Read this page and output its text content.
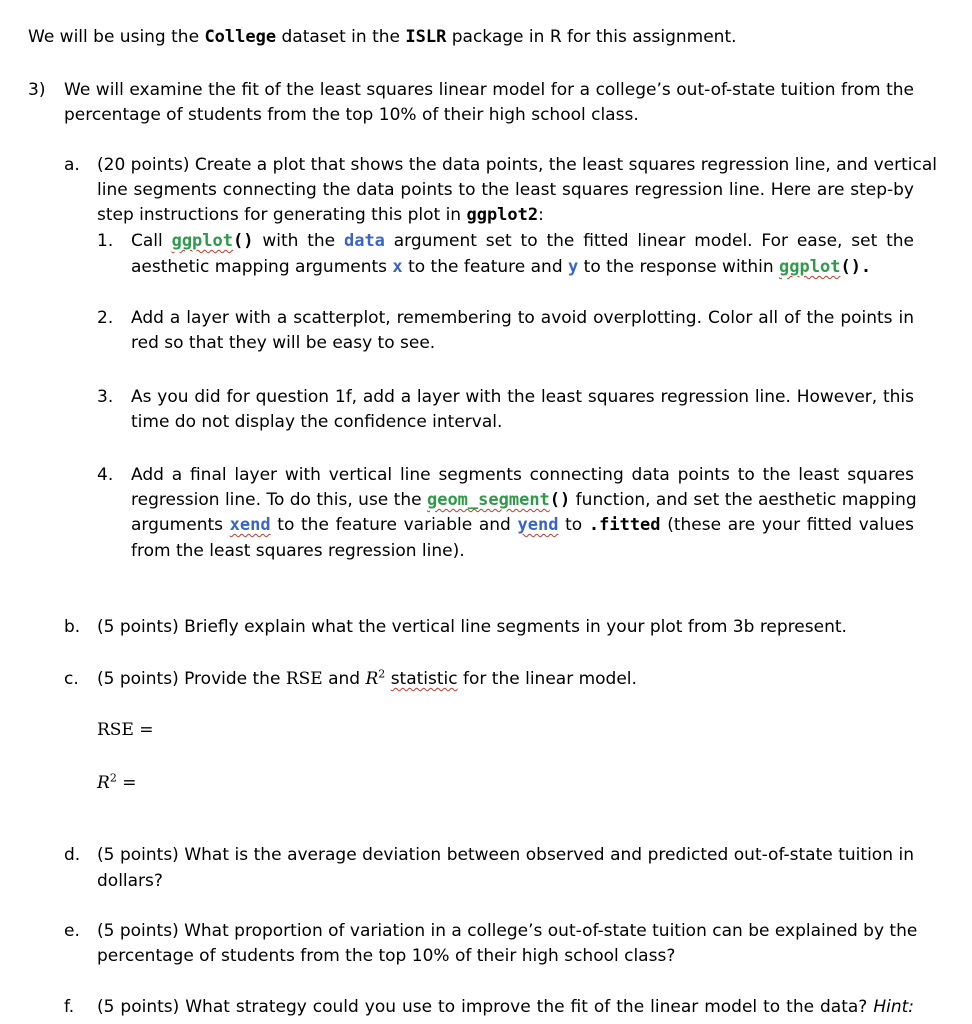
We will be using the College dataset in the ISLR package in R for this assignment.
3) We will examine the fit of the least squares linear model for a college’s out-of-state tuition from the
percentage of students from the top 10% of their high school class.
a. (20 points) Create a plot that shows the data points, the least squares regression line, and vertical
line segments connecting the data points to the least squares regression line. Here are step-by
step instructions for generating this plot in ggplot2:
1. Call ggplot() with the data argument set to the fitted linear model. For ease, set the
aesthetic mapping arguments x to the feature and y to the response within ggplot().
2. Add a layer with a scatterplot, remembering to avoid overplotting. Color all of the points in
red so that they will be easy to see.
3. As you did for question 1f, add a layer with the least squares regression line. However, this
time do not display the confidence interval.
4. Add a final layer with vertical line segments connecting data points to the least squares
regression line. To do this, use the geom_segment() function, and set the aesthetic mapping
arguments xend to the feature variable and yend to .fitted (these are your fitted values
from the least squares regression line).
b. (5 points) Briefly explain what the vertical line segments in your plot from 3b represent.
c. (5 points) Provide the RSE and $R^2$ statistic for the linear model.
RSE =
$R^2$ =
d. (5 points) What is the average deviation between observed and predicted out-of-state tuition in
dollars?
e. (5 points) What proportion of variation in a college’s out-of-state tuition can be explained by the
percentage of students from the top 10% of their high school class?
f. (5 points) What strategy could you use to improve the fit of the linear model to the data? Hint:
